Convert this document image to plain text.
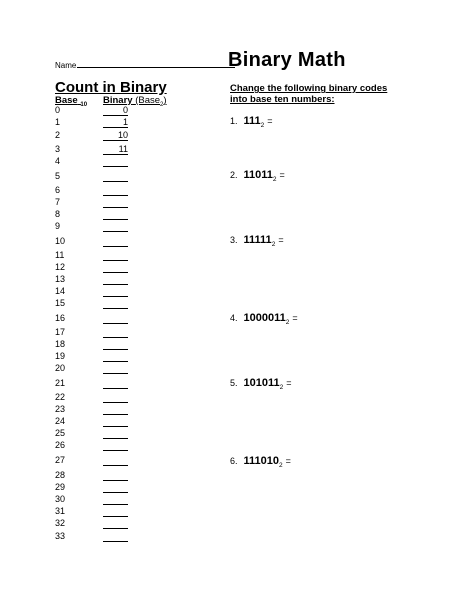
Name	Binary Math
Count in Binary
Base $_{10}$ Binary (Base$_2$)
0	0
1	1
2	10
3	11
4
5
6
7
8
9
10
11
12
13
14
15
16
17
18
19
20
21
22
23
24
25
26
27
28
29
30
31
32
33
Change the following binary codes
into base ten numbers:
1. $111_2$ =
2. $11011_2$ =
3. $11111_2$ =
4. $1000011_2$ =
5. $101011_2$ =
6. $111010_2$ =
